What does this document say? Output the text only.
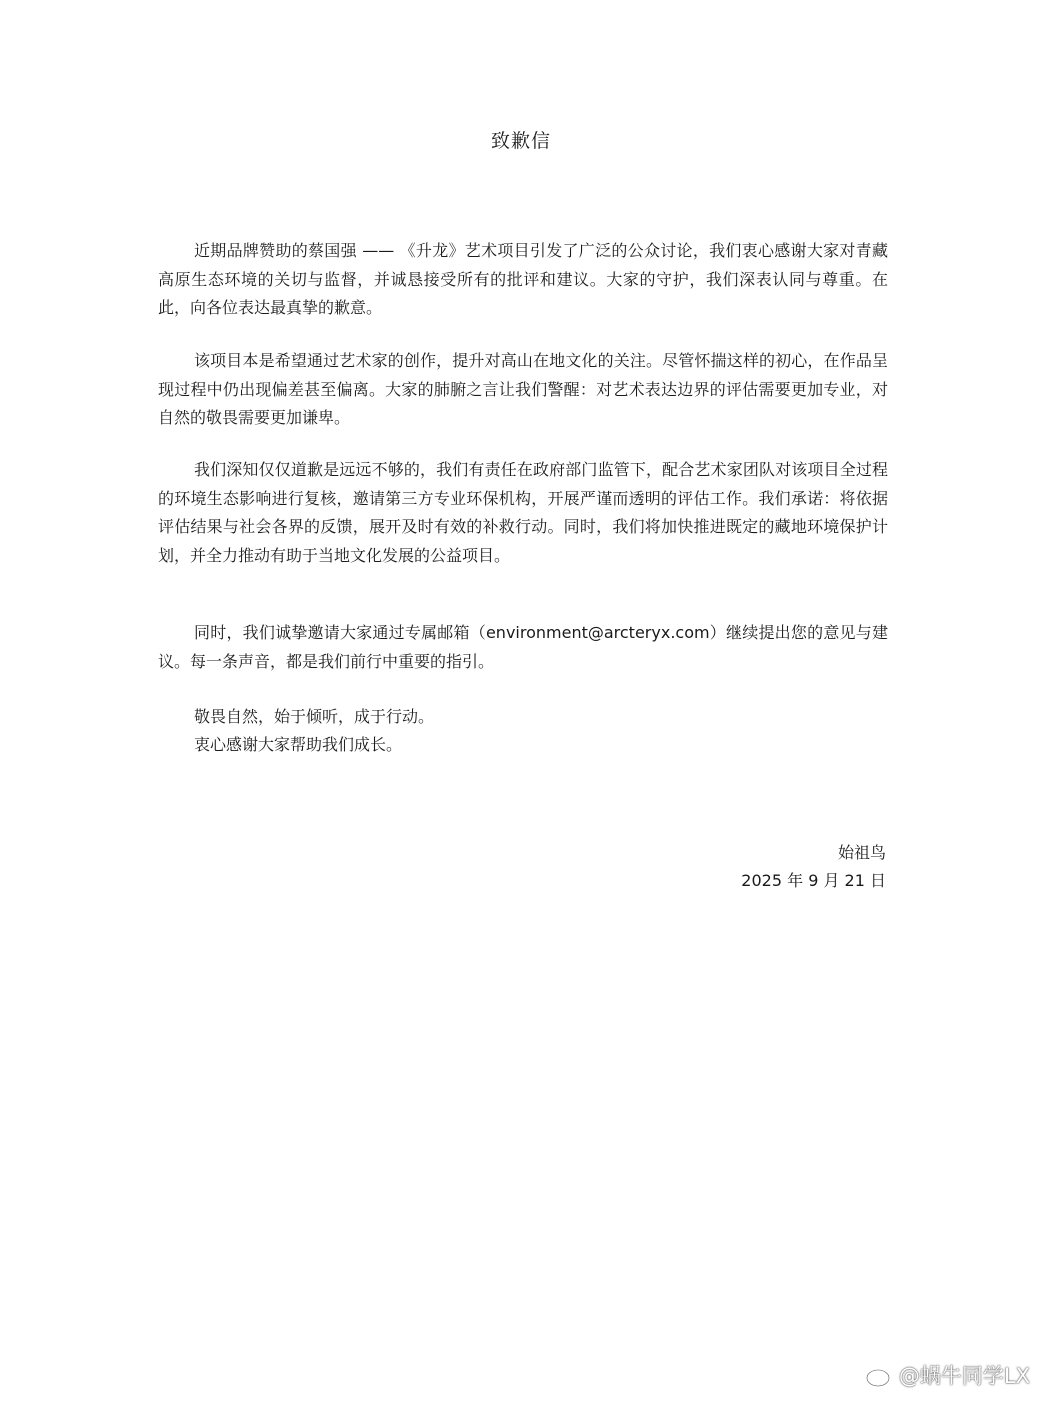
致歉信

近期品牌赞助的蔡国强 —— 《升龙》艺术项目引发了广泛的公众讨论，我们衷心感谢大家对青藏高原生态环境的关切与监督，并诚恳接受所有的批评和建议。大家的守护，我们深表认同与尊重。在此，向各位表达最真挚的歉意。

该项目本是希望通过艺术家的创作，提升对高山在地文化的关注。尽管怀揣这样的初心，在作品呈现过程中仍出现偏差甚至偏离。大家的肺腑之言让我们警醒：对艺术表达边界的评估需要更加专业，对自然的敬畏需要更加谦卑。

我们深知仅仅道歉是远远不够的，我们有责任在政府部门监管下，配合艺术家团队对该项目全过程的环境生态影响进行复核，邀请第三方专业环保机构，开展严谨而透明的评估工作。我们承诺：将依据评估结果与社会各界的反馈，展开及时有效的补救行动。同时，我们将加快推进既定的藏地环境保护计划，并全力推动有助于当地文化发展的公益项目。

同时，我们诚挚邀请大家通过专属邮箱（environment@arcteryx.com）继续提出您的意见与建议。每一条声音，都是我们前行中重要的指引。

敬畏自然，始于倾听，成于行动。

衷心感谢大家帮助我们成长。

始祖鸟

2025 年 9 月 21 日

@蜗牛同学LX
